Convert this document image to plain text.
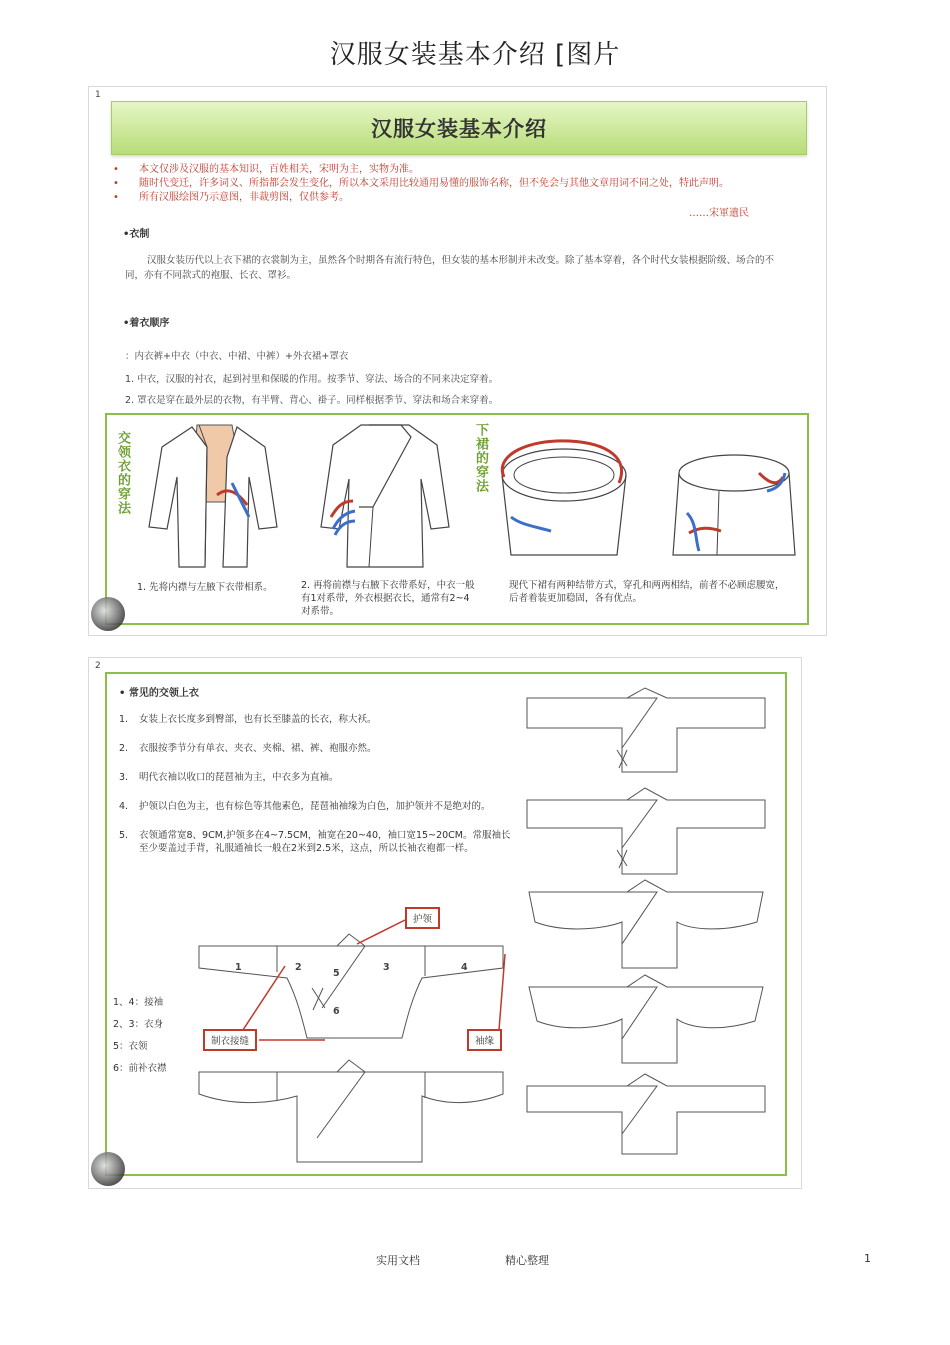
汉服女装基本介绍 [图片
1
汉服女装基本介绍
• 本文仅涉及汉服的基本知识，百姓相关，宋明为主，实物为准。
• 随时代变迁，许多词义、所指都会发生变化，所以本文采用比较通用易懂的服饰名称，但不免会与其他文章用词不同之处，特此声明。
• 所有汉服绘图乃示意图，非裁剪图，仅供参考。
……宋軍遺民
•衣制
汉服女装历代以上衣下裙的衣裳制为主，虽然各个时期各有流行特色，但女装的基本形制并未改变。除了基本穿着，各个时代女装根据阶级、场合的不同，亦有不同款式的袍服、长衣、罩衫。
•着衣顺序
：内衣裤+中衣（中衣、中裙、中裤）+外衣裙+罩衣
1. 中衣，汉服的衬衣，起到衬里和保暖的作用。按季节、穿法、场合的不同来决定穿着。
2. 罩衣是穿在最外层的衣物，有半臂、背心、褂子。同样根据季节、穿法和场合来穿着。
交领衣的穿法	下裙的穿法
1. 先将内襟与左腋下衣带相系。	2. 再将前襟与右腋下衣带系好，中衣一般有1对系带，外衣根据衣长，通常有2~4对系带。
现代下裙有两种结带方式，穿孔和两两相结，前者不必顾虑腰宽，后者着装更加稳固，各有优点。
2
• 常见的交领上衣
1. 女装上衣长度多到臀部，也有长至膝盖的长衣，称大袄。
2. 衣服按季节分有单衣、夹衣、夹棉、裙、裤、袍服亦然。
3. 明代衣袖以收口的琵琶袖为主，中衣多为直袖。
4. 护领以白色为主，也有棕色等其他素色，琵琶袖袖缘为白色，加护领并不是绝对的。
5. 衣领通常宽8、9CM,护领多在4~7.5CM，袖宽在20~40，袖口宽15~20CM。常服袖长至少要盖过手背，礼服通袖长一般在2米到2.5米，这点，所以长袖衣袍都一样。
1	2	3	4
5
6
护领
制衣接缝	袖缘
1、4：接袖
2、3：衣身
5：衣领
6：前补衣襟
实用文档	精心整理	1
